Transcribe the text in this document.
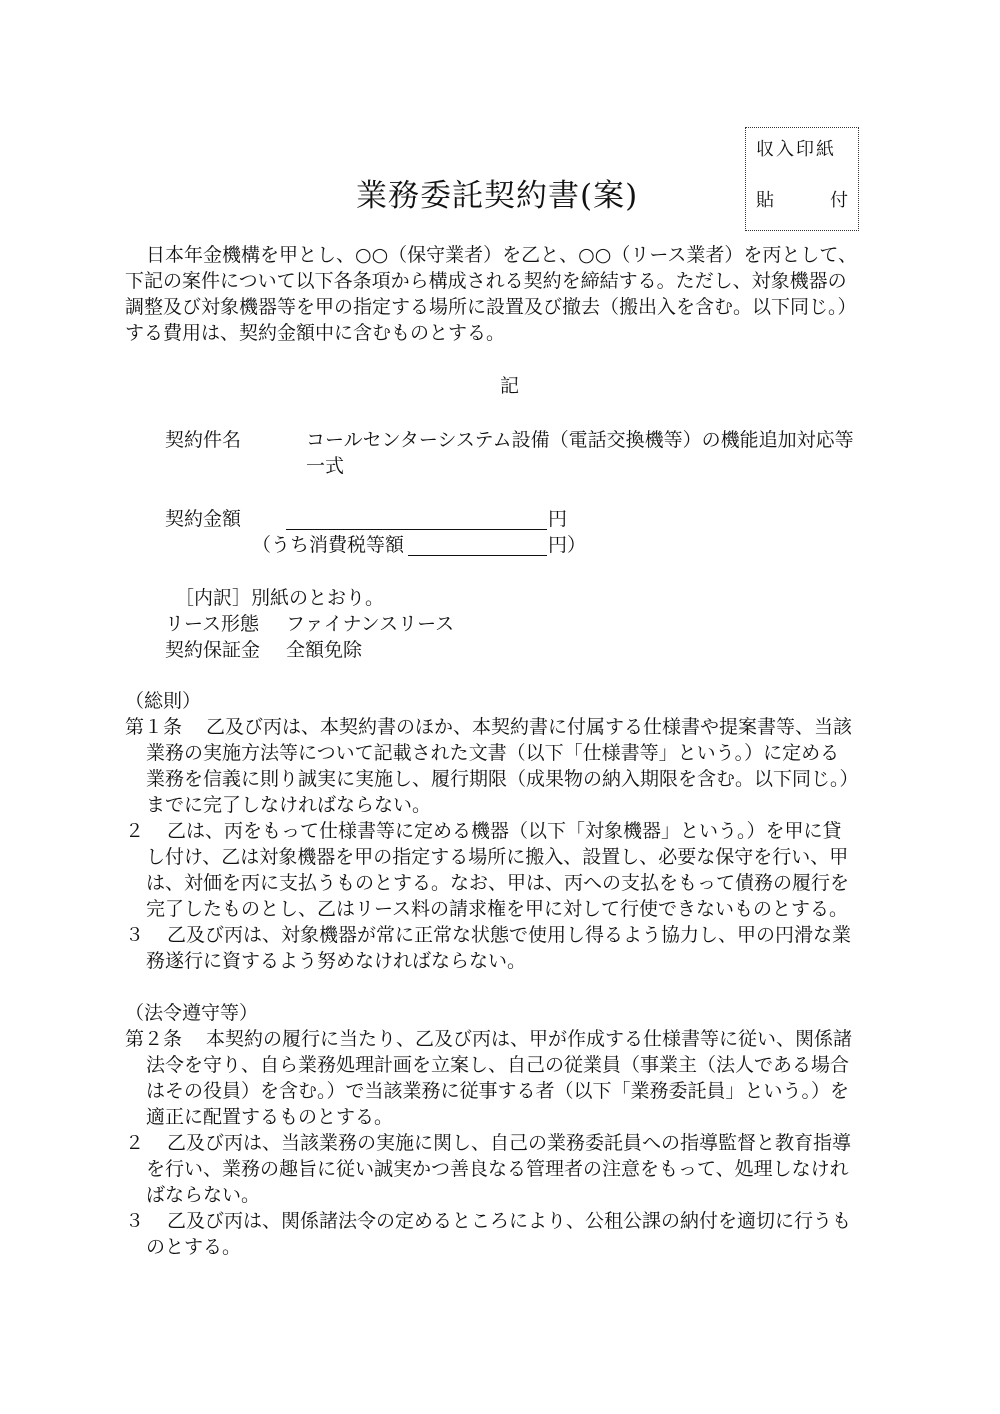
収入印紙
貼	付
業務委託契約書(案)
日本年金機構を甲とし、○○（保守業者）を乙と、○○（リース業者）を丙として、
下記の案件について以下各条項から構成される契約を締結する。ただし、対象機器の
調整及び対象機器等を甲の指定する場所に設置及び撤去（搬出入を含む。以下同じ。）
する費用は、契約金額中に含むものとする。
記
契約件名	コールセンターシステム設備（電話交換機等）の機能追加対応等
一式
契約金額	円
（うち消費税等額	円）
［内訳］別紙のとおり。
リース形態 ファイナンスリース
契約保証金 全額免除
（総則）
第１条 乙及び丙は、本契約書のほか、本契約書に付属する仕様書や提案書等、当該
業務の実施方法等について記載された文書（以下「仕様書等」という。）に定める
業務を信義に則り誠実に実施し、履行期限（成果物の納入期限を含む。以下同じ。）
までに完了しなければならない。
２ 乙は、丙をもって仕様書等に定める機器（以下「対象機器」という。）を甲に貸
し付け、乙は対象機器を甲の指定する場所に搬入、設置し、必要な保守を行い、甲
は、対価を丙に支払うものとする。なお、甲は、丙への支払をもって債務の履行を
完了したものとし、乙はリース料の請求権を甲に対して行使できないものとする。
３ 乙及び丙は、対象機器が常に正常な状態で使用し得るよう協力し、甲の円滑な業
務遂行に資するよう努めなければならない。
（法令遵守等）
第２条 本契約の履行に当たり、乙及び丙は、甲が作成する仕様書等に従い、関係諸
法令を守り、自ら業務処理計画を立案し、自己の従業員（事業主（法人である場合
はその役員）を含む。）で当該業務に従事する者（以下「業務委託員」という。）を
適正に配置するものとする。
２ 乙及び丙は、当該業務の実施に関し、自己の業務委託員への指導監督と教育指導
を行い、業務の趣旨に従い誠実かつ善良なる管理者の注意をもって、処理しなけれ
ばならない。
３ 乙及び丙は、関係諸法令の定めるところにより、公租公課の納付を適切に行うも
のとする。
